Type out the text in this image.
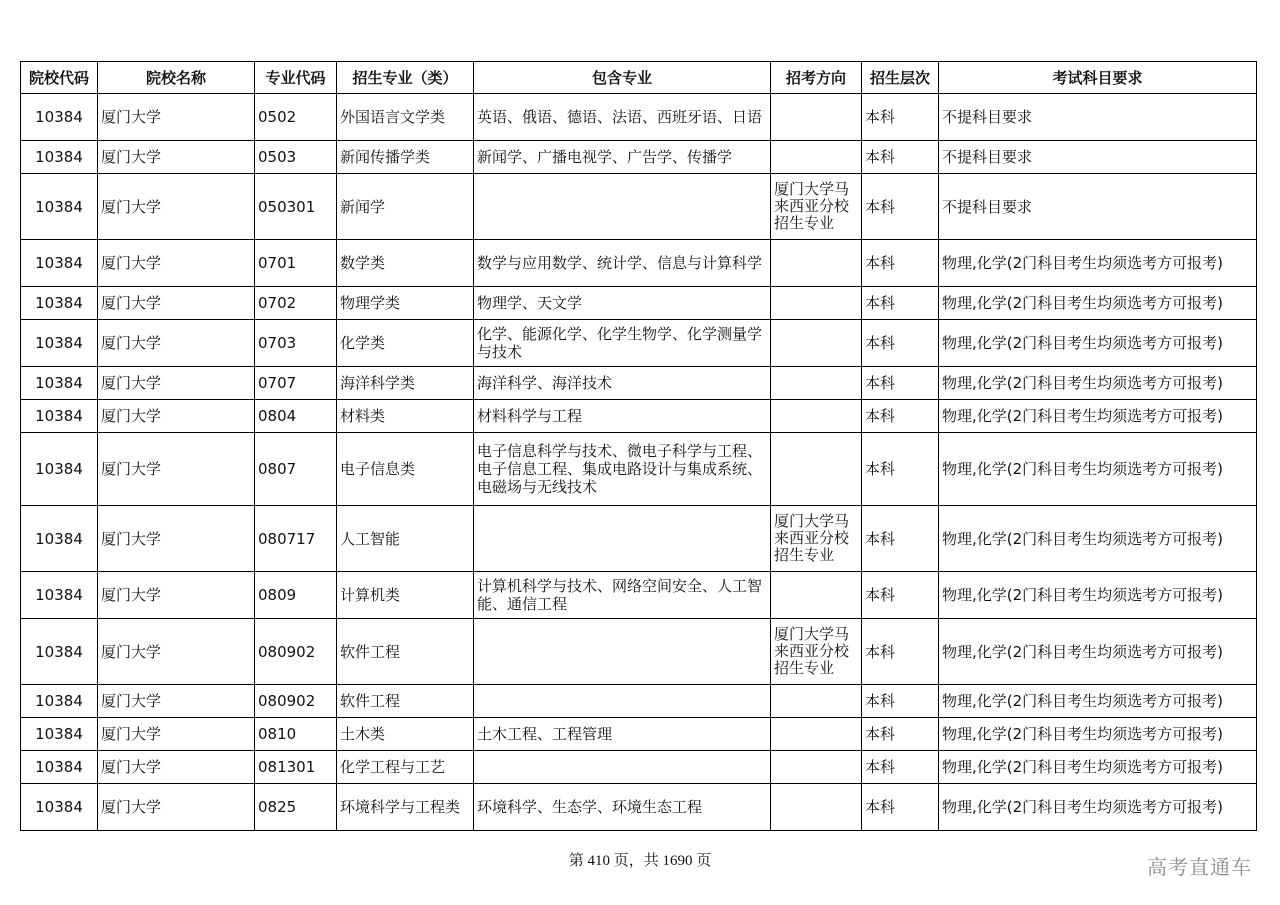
院校代码	院校名称	专业代码	招生专业（类）	包含专业	招考方向	招生层次	考试科目要求
10384	厦门大学	0502	外国语言文学类	英语、俄语、德语、法语、西班牙语、日语		本科	不提科目要求
10384	厦门大学	0503	新闻传播学类	新闻学、广播电视学、广告学、传播学		本科	不提科目要求
10384	厦门大学	050301	新闻学		厦门大学马来西亚分校招生专业	本科	不提科目要求
10384	厦门大学	0701	数学类	数学与应用数学、统计学、信息与计算科学		本科	物理,化学(2门科目考生均须选考方可报考)
10384	厦门大学	0702	物理学类	物理学、天文学		本科	物理,化学(2门科目考生均须选考方可报考)
10384	厦门大学	0703	化学类	化学、能源化学、化学生物学、化学测量学与技术		本科	物理,化学(2门科目考生均须选考方可报考)
10384	厦门大学	0707	海洋科学类	海洋科学、海洋技术		本科	物理,化学(2门科目考生均须选考方可报考)
10384	厦门大学	0804	材料类	材料科学与工程		本科	物理,化学(2门科目考生均须选考方可报考)
10384	厦门大学	0807	电子信息类	电子信息科学与技术、微电子科学与工程、电子信息工程、集成电路设计与集成系统、电磁场与无线技术		本科	物理,化学(2门科目考生均须选考方可报考)
10384	厦门大学	080717	人工智能		厦门大学马来西亚分校招生专业	本科	物理,化学(2门科目考生均须选考方可报考)
10384	厦门大学	0809	计算机类	计算机科学与技术、网络空间安全、人工智能、通信工程		本科	物理,化学(2门科目考生均须选考方可报考)
10384	厦门大学	080902	软件工程		厦门大学马来西亚分校招生专业	本科	物理,化学(2门科目考生均须选考方可报考)
10384	厦门大学	080902	软件工程			本科	物理,化学(2门科目考生均须选考方可报考)
10384	厦门大学	0810	土木类	土木工程、工程管理		本科	物理,化学(2门科目考生均须选考方可报考)
10384	厦门大学	081301	化学工程与工艺			本科	物理,化学(2门科目考生均须选考方可报考)
10384	厦门大学	0825	环境科学与工程类	环境科学、生态学、环境生态工程		本科	物理,化学(2门科目考生均须选考方可报考)
第 410 页，共 1690 页	高考直通车
